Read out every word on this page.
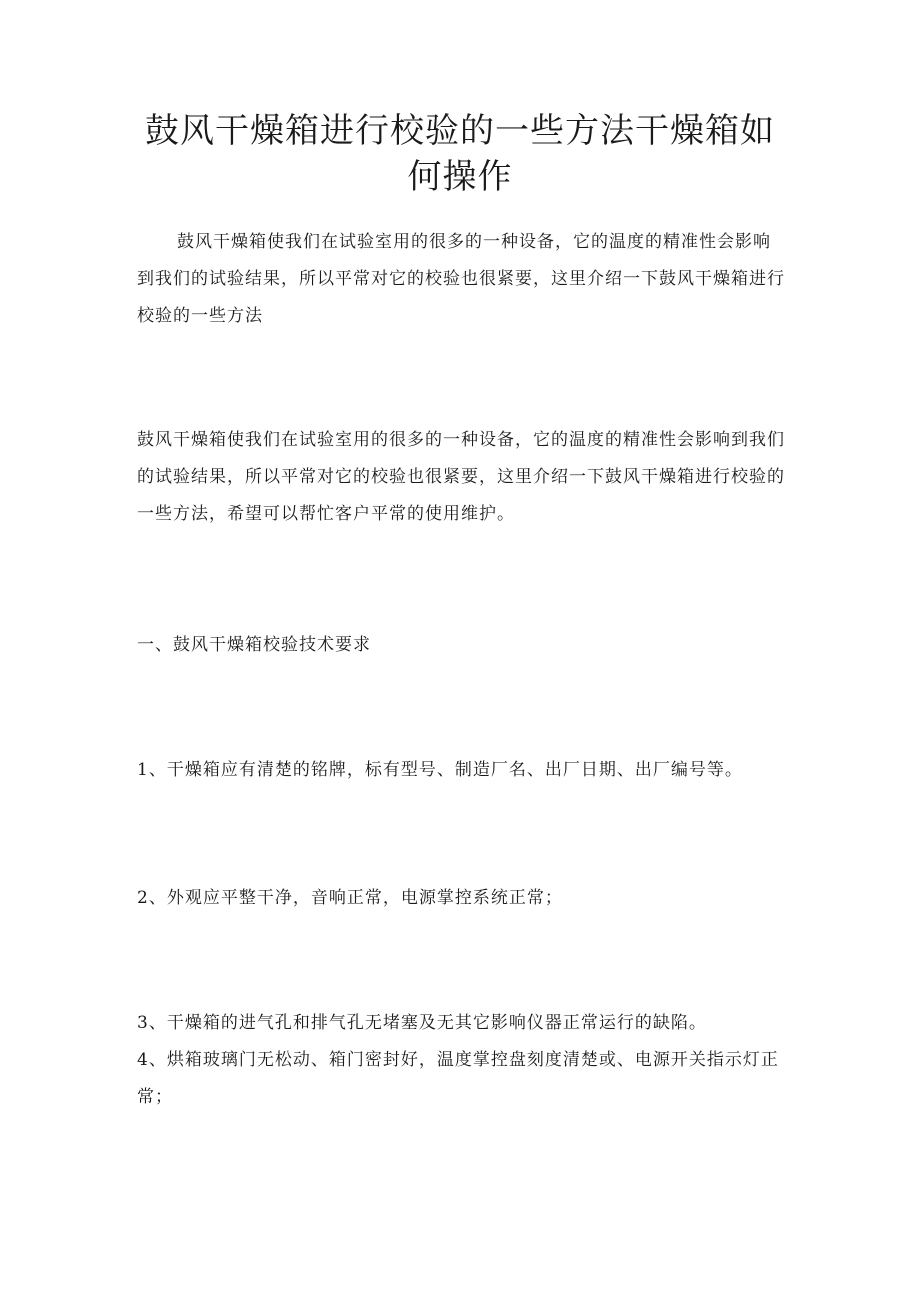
鼓风干燥箱进行校验的一些方法干燥箱如何操作

鼓风干燥箱使我们在试验室用的很多的一种设备，它的温度的精准性会影响到我们的试验结果，所以平常对它的校验也很紧要，这里介绍一下鼓风干燥箱进行校验的一些方法

鼓风干燥箱使我们在试验室用的很多的一种设备，它的温度的精准性会影响到我们的试验结果，所以平常对它的校验也很紧要，这里介绍一下鼓风干燥箱进行校验的一些方法，希望可以帮忙客户平常的使用维护。

一、鼓风干燥箱校验技术要求

1、干燥箱应有清楚的铭牌，标有型号、制造厂名、出厂日期、出厂编号等。

2、外观应平整干净，音响正常，电源掌控系统正常；

3、干燥箱的进气孔和排气孔无堵塞及无其它影响仪器正常运行的缺陷。

4、烘箱玻璃门无松动、箱门密封好，温度掌控盘刻度清楚或、电源开关指示灯正常；
